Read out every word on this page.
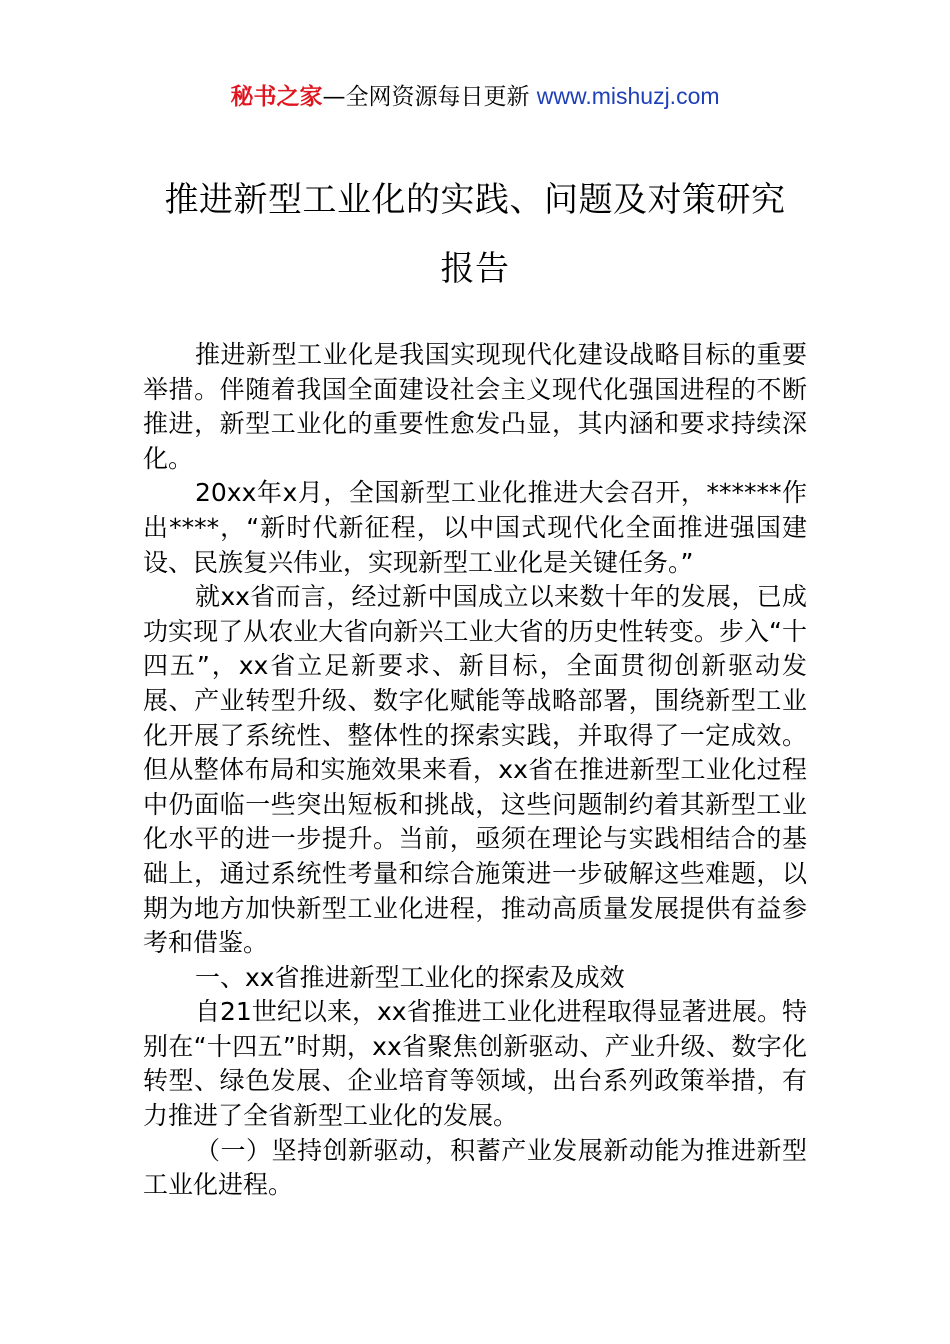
秘书之家—全网资源每日更新 www.mishuzj.com
推进新型工业化的实践、问题及对策研究
报告

推进新型工业化是我国实现现代化建设战略目标的重要举措。伴随着我国全面建设社会主义现代化强国进程的不断推进，新型工业化的重要性愈发凸显，其内涵和要求持续深化。

20xx年x月，全国新型工业化推进大会召开，******作出****，“新时代新征程，以中国式现代化全面推进强国建设、民族复兴伟业，实现新型工业化是关键任务。”

就xx省而言，经过新中国成立以来数十年的发展，已成功实现了从农业大省向新兴工业大省的历史性转变。步入“十四五”，xx省立足新要求、新目标，全面贯彻创新驱动发展、产业转型升级、数字化赋能等战略部署，围绕新型工业化开展了系统性、整体性的探索实践，并取得了一定成效。但从整体布局和实施效果来看，xx省在推进新型工业化过程中仍面临一些突出短板和挑战，这些问题制约着其新型工业化水平的进一步提升。当前，亟须在理论与实践相结合的基础上，通过系统性考量和综合施策进一步破解这些难题，以期为地方加快新型工业化进程，推动高质量发展提供有益参考和借鉴。

一、xx省推进新型工业化的探索及成效

自21世纪以来，xx省推进工业化进程取得显著进展。特别在“十四五”时期，xx省聚焦创新驱动、产业升级、数字化转型、绿色发展、企业培育等领域，出台系列政策举措，有力推进了全省新型工业化的发展。

（一）坚持创新驱动，积蓄产业发展新动能为推进新型工业化进程。
